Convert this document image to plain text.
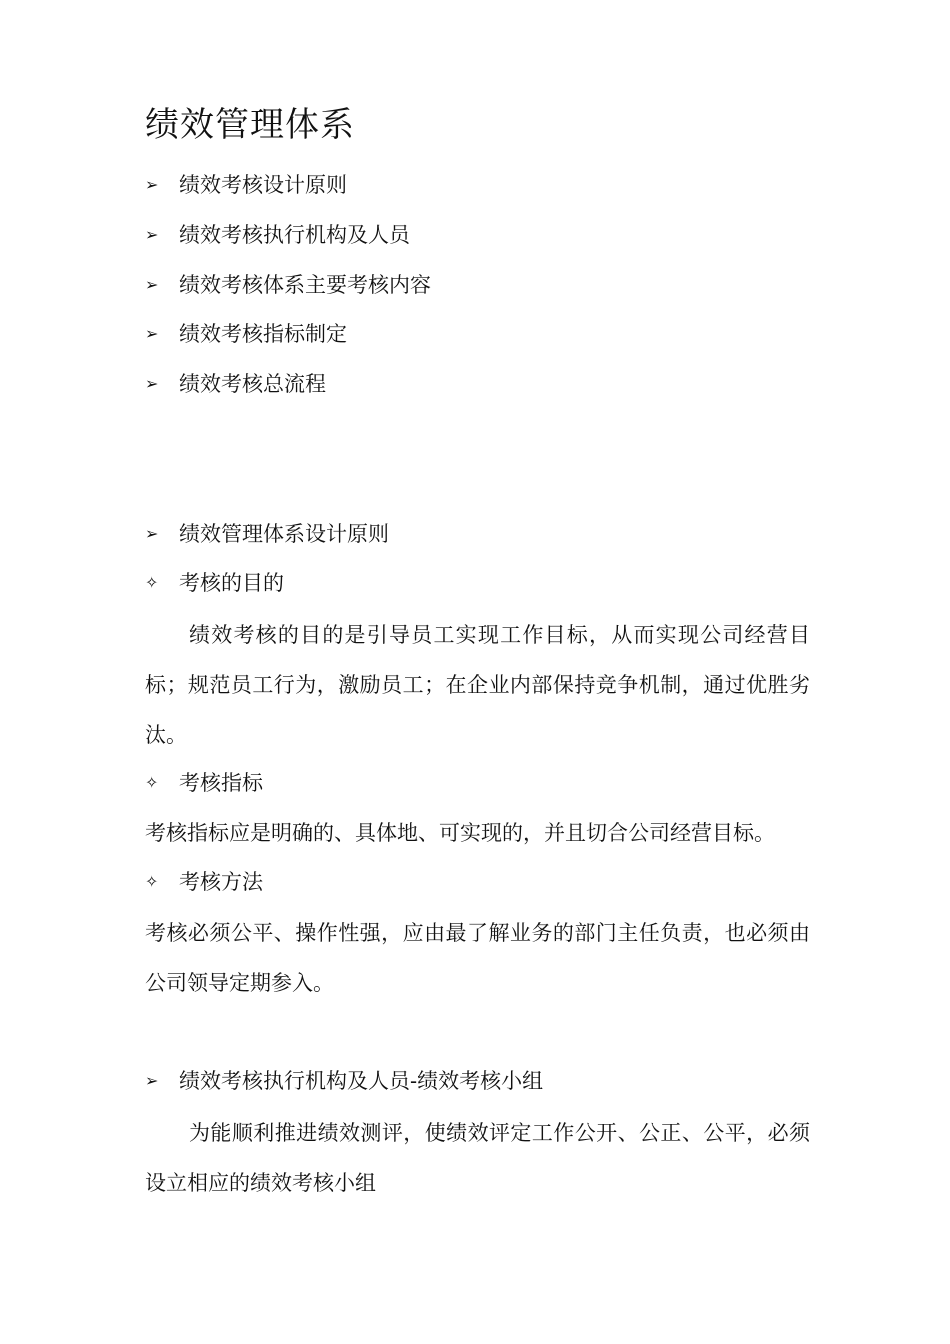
绩效管理体系
➢ 绩效考核设计原则
➢ 绩效考核执行机构及人员
➢ 绩效考核体系主要考核内容
➢ 绩效考核指标制定
➢ 绩效考核总流程
➢ 绩效管理体系设计原则
✧ 考核的目的
绩效考核的目的是引导员工实现工作目标，从而实现公司经营目标；规范员工行为，激励员工；在企业内部保持竞争机制，通过优胜劣汰。
✧ 考核指标
考核指标应是明确的、具体地、可实现的，并且切合公司经营目标。
✧ 考核方法
考核必须公平、操作性强，应由最了解业务的部门主任负责，也必须由公司领导定期参入。
➢ 绩效考核执行机构及人员-绩效考核小组
为能顺利推进绩效测评，使绩效评定工作公开、公正、公平，必须设立相应的绩效考核小组
